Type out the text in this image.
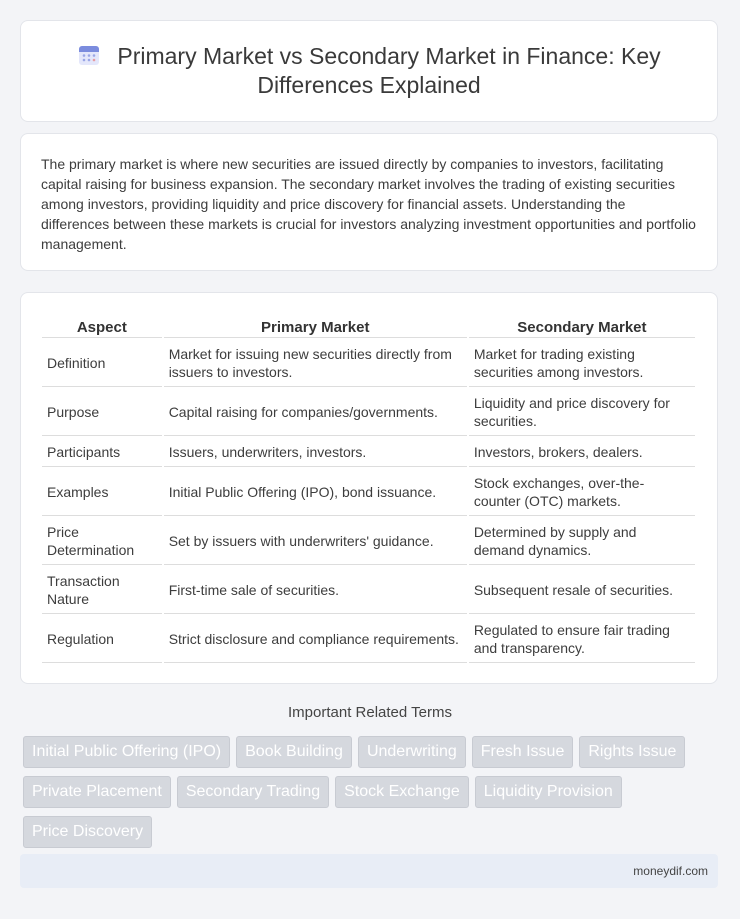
Primary Market vs Secondary Market in Finance: Key Differences Explained
The primary market is where new securities are issued directly by companies to investors, facilitating capital raising for business expansion. The secondary market involves the trading of existing securities among investors, providing liquidity and price discovery for financial assets. Understanding the differences between these markets is crucial for investors analyzing investment opportunities and portfolio management.
Aspect	Primary Market	Secondary Market
Definition	Market for issuing new securities directly from issuers to investors.	Market for trading existing securities among investors.
Purpose	Capital raising for companies/governments.	Liquidity and price discovery for securities.
Participants	Issuers, underwriters, investors.	Investors, brokers, dealers.
Examples	Initial Public Offering (IPO), bond issuance.	Stock exchanges, over-the-counter (OTC) markets.
Price Determination	Set by issuers with underwriters' guidance.	Determined by supply and demand dynamics.
Transaction Nature	First-time sale of securities.	Subsequent resale of securities.
Regulation	Strict disclosure and compliance requirements.	Regulated to ensure fair trading and transparency.
Important Related Terms
Initial Public Offering (IPO)	Book Building	Underwriting	Fresh Issue	Rights Issue
Private Placement	Secondary Trading	Stock Exchange	Liquidity Provision
Price Discovery
moneydif.com
